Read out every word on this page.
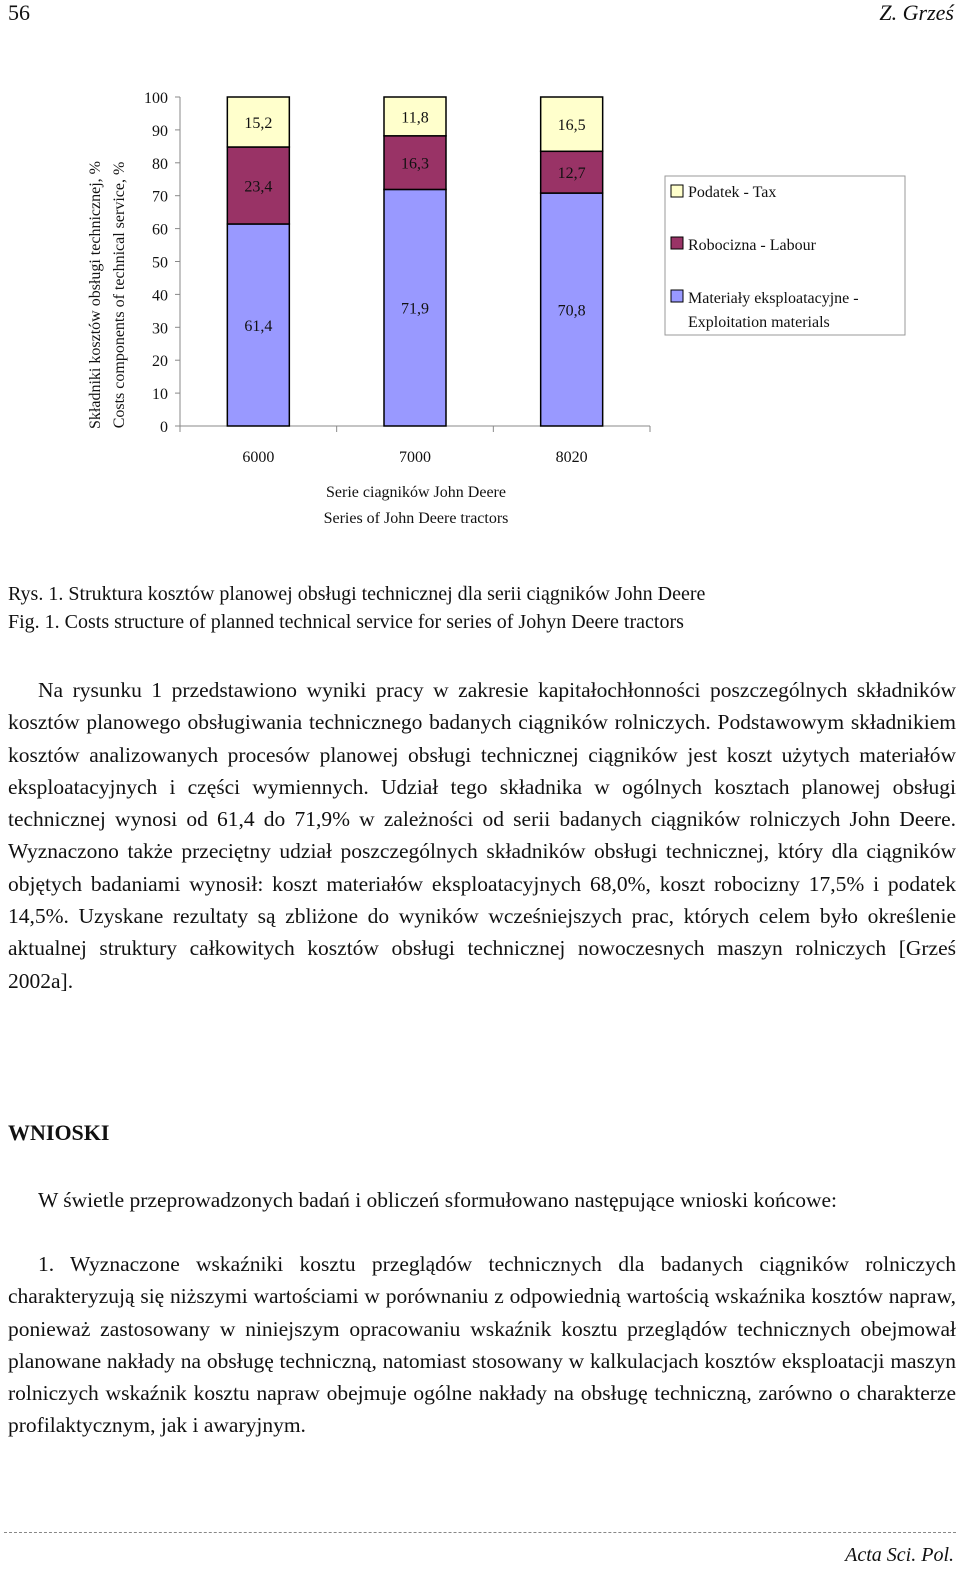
56	Z. Grześ
Składniki kosztów obsługi technicznej, % Costs components of technical service, % 0
10
20
30
40
50
60
70
80
90
100
6000	7000	8020
61,4
23,4
15,2
71,9
16,3
11,8
70,8
12,7
16,5
Serie ciagników John Deere
Series of John Deere tractors
Podatek - Tax
Robocizna - Labour
Materiały eksploatacyjne -
Exploitation materials
Rys. 1. Struktura kosztów planowej obsługi technicznej dla serii ciągników John Deere
Fig. 1. Costs structure of planned technical service for series of Johyn Deere tractors

Na rysunku 1 przedstawiono wyniki pracy w zakresie kapitałochłonności poszczególnych składników kosztów planowego obsługiwania technicznego badanych ciągników rolniczych. Podstawowym składnikiem kosztów analizowanych procesów planowej obsługi technicznej ciągników jest koszt użytych materiałów eksploatacyjnych i części wymiennych. Udział tego składnika w ogólnych kosztach planowej obsługi technicznej wynosi od 61,4 do 71,9% w zależności od serii badanych ciągników rolniczych John Deere. Wyznaczono także przeciętny udział poszczególnych składników obsługi technicznej, który dla ciągników objętych badaniami wynosił: koszt materiałów eksploatacyjnych 68,0%, koszt robocizny 17,5% i podatek 14,5%. Uzyskane rezultaty są zbliżone do wyników wcześniejszych prac, których celem było określenie aktualnej struktury całkowitych kosztów obsługi technicznej nowoczesnych maszyn rolniczych [Grześ 2002a].

WNIOSKI

W świetle przeprowadzonych badań i obliczeń sformułowano następujące wnioski końcowe:

1. Wyznaczone wskaźniki kosztu przeglądów technicznych dla badanych ciągników rolniczych charakteryzują się niższymi wartościami w porównaniu z odpowiednią wartością wskaźnika kosztów napraw, ponieważ zastosowany w niniejszym opracowaniu wskaźnik kosztu przeglądów technicznych obejmował planowane nakłady na obsługę techniczną, natomiast stosowany w kalkulacjach kosztów eksploatacji maszyn rolniczych wskaźnik kosztu napraw obejmuje ogólne nakłady na obsługę techniczną, zarówno o charakterze profilaktycznym, jak i awaryjnym.

Acta Sci. Pol.
